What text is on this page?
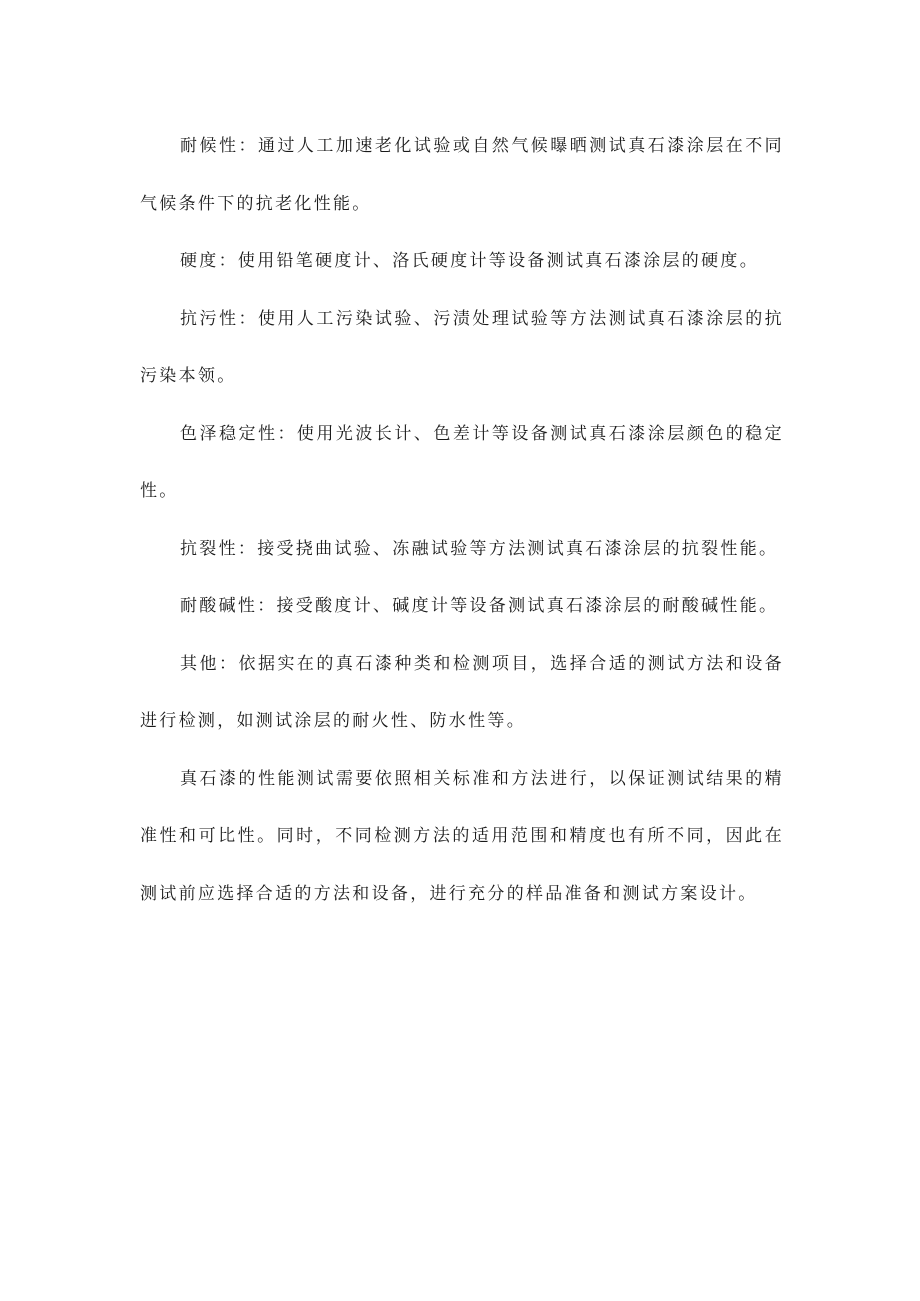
耐候性：通过人工加速老化试验或自然气候曝晒测试真石漆涂层在不同气候条件下的抗老化性能。

硬度：使用铅笔硬度计、洛氏硬度计等设备测试真石漆涂层的硬度。

抗污性：使用人工污染试验、污渍处理试验等方法测试真石漆涂层的抗污染本领。

色泽稳定性：使用光波长计、色差计等设备测试真石漆涂层颜色的稳定性。

抗裂性：接受挠曲试验、冻融试验等方法测试真石漆涂层的抗裂性能。

耐酸碱性：接受酸度计、碱度计等设备测试真石漆涂层的耐酸碱性能。

其他：依据实在的真石漆种类和检测项目，选择合适的测试方法和设备进行检测，如测试涂层的耐火性、防水性等。

真石漆的性能测试需要依照相关标准和方法进行，以保证测试结果的精准性和可比性。同时，不同检测方法的适用范围和精度也有所不同，因此在测试前应选择合适的方法和设备，进行充分的样品准备和测试方案设计。
